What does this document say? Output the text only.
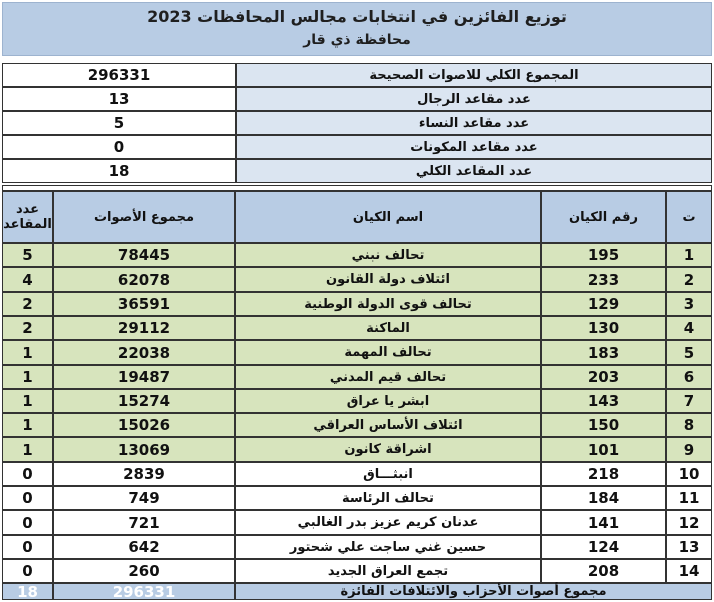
توزيع الفائزين في انتخابات مجالس المحافظات 2023
محافظة ذي قار
296331	المجموع الكلي للاصوات الصحيحة
13	عدد مقاعد الرجال
5	عدد مقاعد النساء
0	عدد مقاعد المكونات
18	عدد المقاعد الكلي
عدد المقاعد	مجموع الأصوات	اسم الكيان	رقم الكيان	ت
5	78445	تحالف نبني	195	1
4	62078	ائتلاف دولة القانون	233	2
2	36591	تحالف قوى الدولة الوطنية	129	3
2	29112	الماكنة	130	4
1	22038	تحالف المهمة	183	5
1	19487	تحالف قيم المدني	203	6
1	15274	ابشر يا عراق	143	7
1	15026	ائتلاف الأساس العراقي	150	8
1	13069	اشراقة كانون	101	9
0	2839	انبثـــاق	218	10
0	749	تحالف الرئاسة	184	11
0	721	عدنان كريم عزيز بدر الغالبي	141	12
0	642	حسين غني ساجت علي شحتور	124	13
0	260	تجمع العراق الجديد	208	14
18	296331	مجموع أصوات الأحزاب والائتلافات الفائزة
